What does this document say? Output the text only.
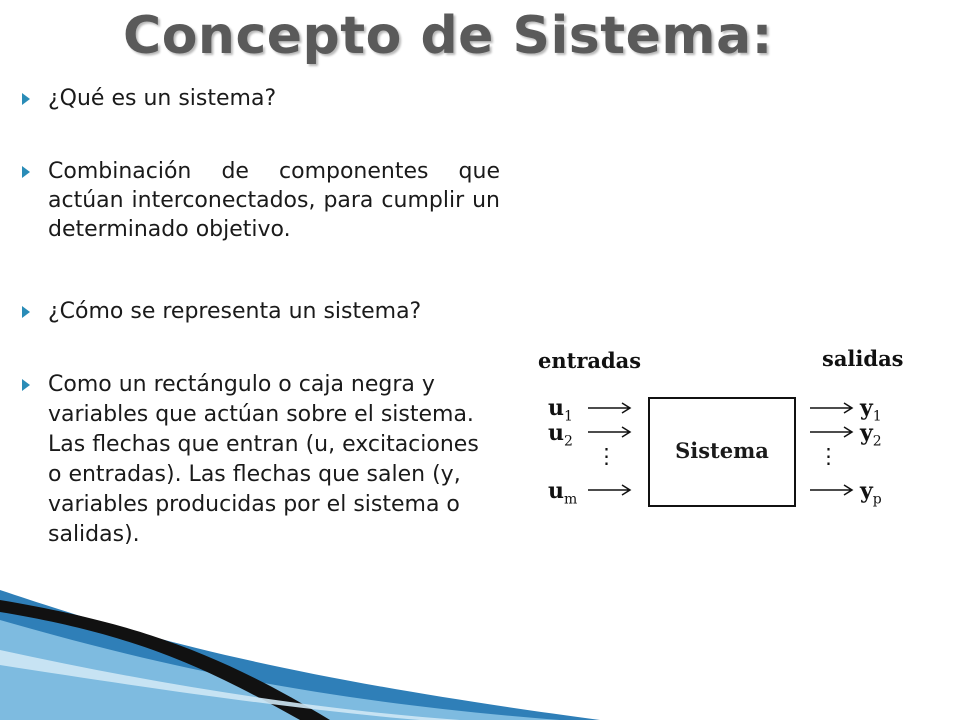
Concepto de Sistema:
¿Qué es un sistema?
Combinación de componentes que actúan interconectados, para cumplir un determinado objetivo.
¿Cómo se representa un sistema?
Como un rectángulo o caja negra y variables que actúan sobre el sistema. Las flechas que entran (u, excitaciones o entradas). Las flechas que salen (y, variables producidas por el sistema o salidas).
entradas	salidas
$u_1$
$u_2$
⋮
$u_m$
Sistema
$y_1$
$y_2$
⋮
$y_p$
